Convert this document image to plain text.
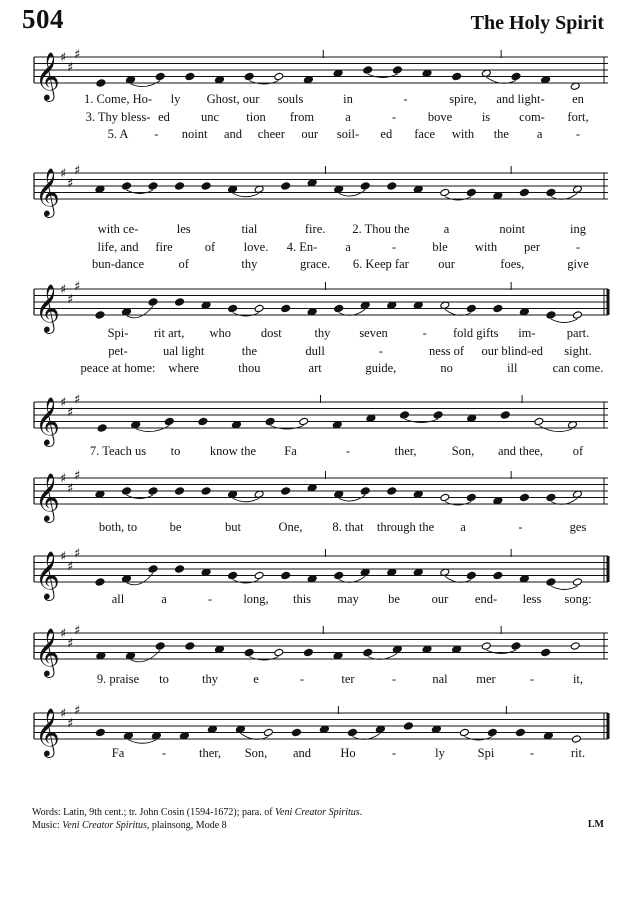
504	The Holy Spirit
𝄞 ♯
♯
♯
1. Come, Ho- ly Ghost, our souls	in	-	spire, and light- en
3. Thy bless- ed unc tion from a	-	bove is com- fort,
5. A - noint and cheer our soil- ed face with the a	-
𝄞 ♯
♯
♯
with ce-	les	tial	fire. 2. Thou the	a	noint	ing
life, and fire	of love. 4. En- a	-	ble with per	-
bun-dance	of	thy	grace. 6. Keep far our	foes,	give
𝄞 ♯
♯
♯
Spi- rit art, who dost	thy seven	- fold gifts im- part.
pet-	ual light	the	dull	-	ness of our blind-ed sight.
peace at home: where	thou	art	guide,	no	ill	can come.
𝄞 ♯
♯
♯
7. Teach us to know the Fa	-	ther,	Son, and thee, of
𝄞 ♯
♯
♯
both, to	be	but	One, 8. that through the a	-	ges
𝄞 ♯
♯
♯
all	a	- long, this may be	our end- less song:
𝄞 ♯
♯
♯
9. praise to	thy	e	-	ter	-	nal mer	-	it,
𝄞 ♯
♯
♯
Fa	-	ther, Son, and Ho	-	ly	Spi	-	rit.
Words: Latin, 9th cent.; tr. John Cosin (1594-1672); para. of Veni Creator Spiritus.
Music: Veni Creator Spiritus, plainsong, Mode 8	LM
